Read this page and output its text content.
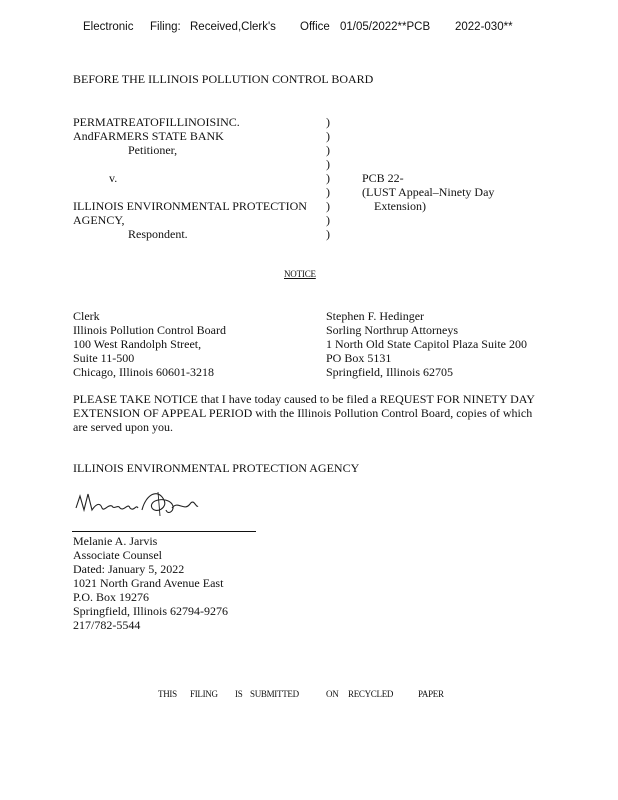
Electronic Filing: Received,Clerk's Office 01/05/2022**PCB 2022-030**
BEFORE THE ILLINOIS POLLUTION CONTROL BOARD
PERMATREATOFILLINOISINC.
AndFARMERS STATE BANK
Petitioner,
v.
ILLINOIS ENVIRONMENTAL PROTECTION
AGENCY,
Respondent.
)
)
)
)
)
)
)
)
)
PCB 22-
(LUST Appeal–Ninety Day
Extension)
NOTICE
Clerk
Illinois Pollution Control Board
100 West Randolph Street,
Suite 11-500
Chicago, Illinois 60601-3218
Stephen F. Hedinger
Sorling Northrup Attorneys
1 North Old State Capitol Plaza Suite 200
PO Box 5131
Springfield, Illinois 62705
PLEASE TAKE NOTICE that I have today caused to be filed a REQUEST FOR NINETY DAY
EXTENSION OF APPEAL PERIOD with the Illinois Pollution Control Board, copies of which
are served upon you.
ILLINOIS ENVIRONMENTAL PROTECTION AGENCY
Melanie A. Jarvis
Associate Counsel
Dated: January 5, 2022
1021 North Grand Avenue East
P.O. Box 19276
Springfield, Illinois 62794-9276
217/782-5544
THIS FILING IS SUBMITTED	ON RECYCLED	PAPER
